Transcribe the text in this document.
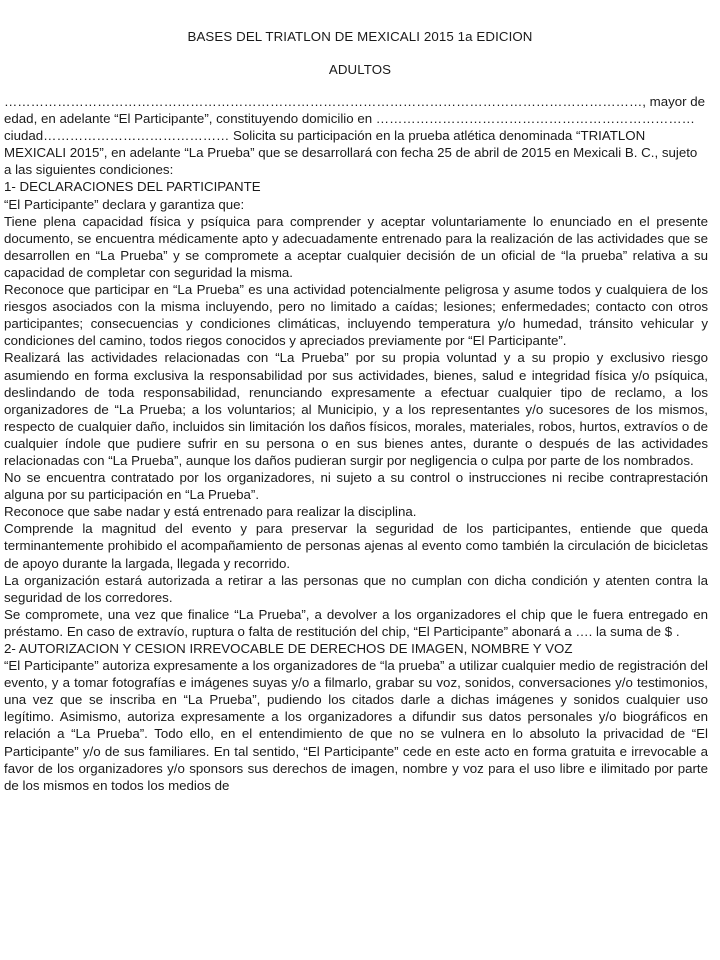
BASES DEL TRIATLON DE MEXICALI 2015 1a EDICION
ADULTOS

………………………………………………………………………………………………………………………………, mayor de edad, en adelante “El Participante”, constituyendo domicilio en ……………………………………………………………… ciudad…………………………………… Solicita su participación en la prueba atlética denominada “TRIATLON MEXICALI 2015”, en adelante “La Prueba” que se desarrollará con fecha 25 de abril de 2015 en Mexicali B. C., sujeto a las siguientes condiciones:

1- DECLARACIONES DEL PARTICIPANTE

“El Participante” declara y garantiza que:

Tiene plena capacidad física y psíquica para comprender y aceptar voluntariamente lo enunciado en el presente documento, se encuentra médicamente apto y adecuadamente entrenado para la realización de las actividades que se desarrollen en “La Prueba” y se compromete a aceptar cualquier decisión de un oficial de “la prueba” relativa a su capacidad de completar con seguridad la misma.

Reconoce que participar en “La Prueba” es una actividad potencialmente peligrosa y asume todos y cualquiera de los riesgos asociados con la misma incluyendo, pero no limitado a caídas; lesiones; enfermedades; contacto con otros participantes; consecuencias y condiciones climáticas, incluyendo temperatura y/o humedad, tránsito vehicular y condiciones del camino, todos riegos conocidos y apreciados previamente por “El Participante”.

Realizará las actividades relacionadas con “La Prueba” por su propia voluntad y a su propio y exclusivo riesgo asumiendo en forma exclusiva la responsabilidad por sus actividades, bienes, salud e integridad física y/o psíquica, deslindando de toda responsabilidad, renunciando expresamente a efectuar cualquier tipo de reclamo, a los organizadores de “La Prueba; a los voluntarios; al Municipio, y a los representantes y/o sucesores de los mismos, respecto de cualquier daño, incluidos sin limitación los daños físicos, morales, materiales, robos, hurtos, extravíos o de cualquier índole que pudiere sufrir en su persona o en sus bienes antes, durante o después de las actividades relacionadas con “La Prueba”, aunque los daños pudieran surgir por negligencia o culpa por parte de los nombrados.

No se encuentra contratado por los organizadores, ni sujeto a su control o instrucciones ni recibe contraprestación alguna por su participación en “La Prueba”.

Reconoce que sabe nadar y está entrenado para realizar la disciplina.

Comprende la magnitud del evento y para preservar la seguridad de los participantes, entiende que queda terminantemente prohibido el acompañamiento de personas ajenas al evento como también la circulación de bicicletas de apoyo durante la largada, llegada y recorrido.

La organización estará autorizada a retirar a las personas que no cumplan con dicha condición y atenten contra la seguridad de los corredores.

Se compromete, una vez que finalice “La Prueba”, a devolver a los organizadores el chip que le fuera entregado en préstamo. En caso de extravío, ruptura o falta de restitución del chip, “El Participante” abonará a …. la suma de $ .

2- AUTORIZACION Y CESION IRREVOCABLE DE DERECHOS DE IMAGEN, NOMBRE Y VOZ

“El Participante” autoriza expresamente a los organizadores de “la prueba” a utilizar cualquier medio de registración del evento, y a tomar fotografías e imágenes suyas y/o a filmarlo, grabar su voz, sonidos, conversaciones y/o testimonios, una vez que se inscriba en “La Prueba”, pudiendo los citados darle a dichas imágenes y sonidos cualquier uso legítimo. Asimismo, autoriza expresamente a los organizadores a difundir sus datos personales y/o biográficos en relación a “La Prueba”. Todo ello, en el entendimiento de que no se vulnera en lo absoluto la privacidad de “El Participante” y/o de sus familiares. En tal sentido, “El Participante” cede en este acto en forma gratuita e irrevocable a favor de los organizadores y/o sponsors sus derechos de imagen, nombre y voz para el uso libre e ilimitado por parte de los mismos en todos los medios de
